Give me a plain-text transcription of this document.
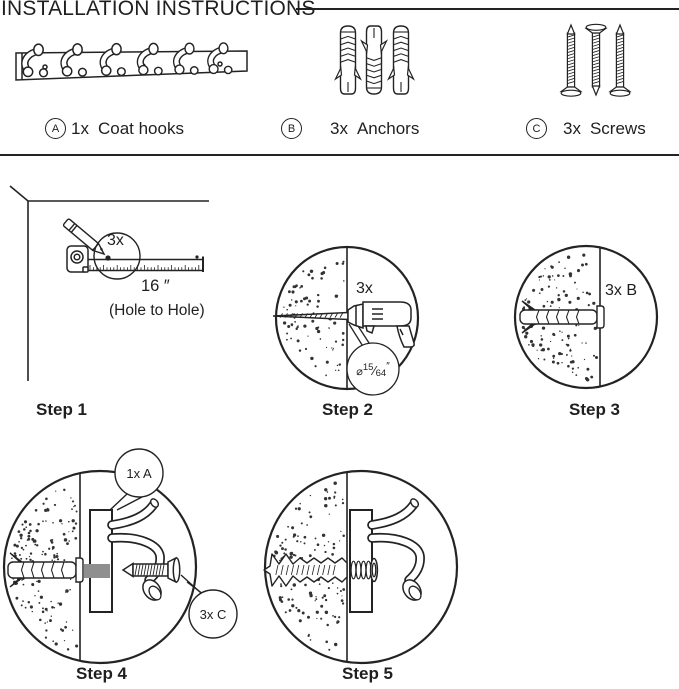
INSTALLATION INSTRUCTIONS
A 1x Coat hooks	B	3x Anchors	C	3x Screws
3x
16 ″
(Hole to Hole)
Step 1
3x
⌀$^{15}$⁄64″
Step 2
3x B
Step 3
1x A
3x C
Step 4	Step 5
